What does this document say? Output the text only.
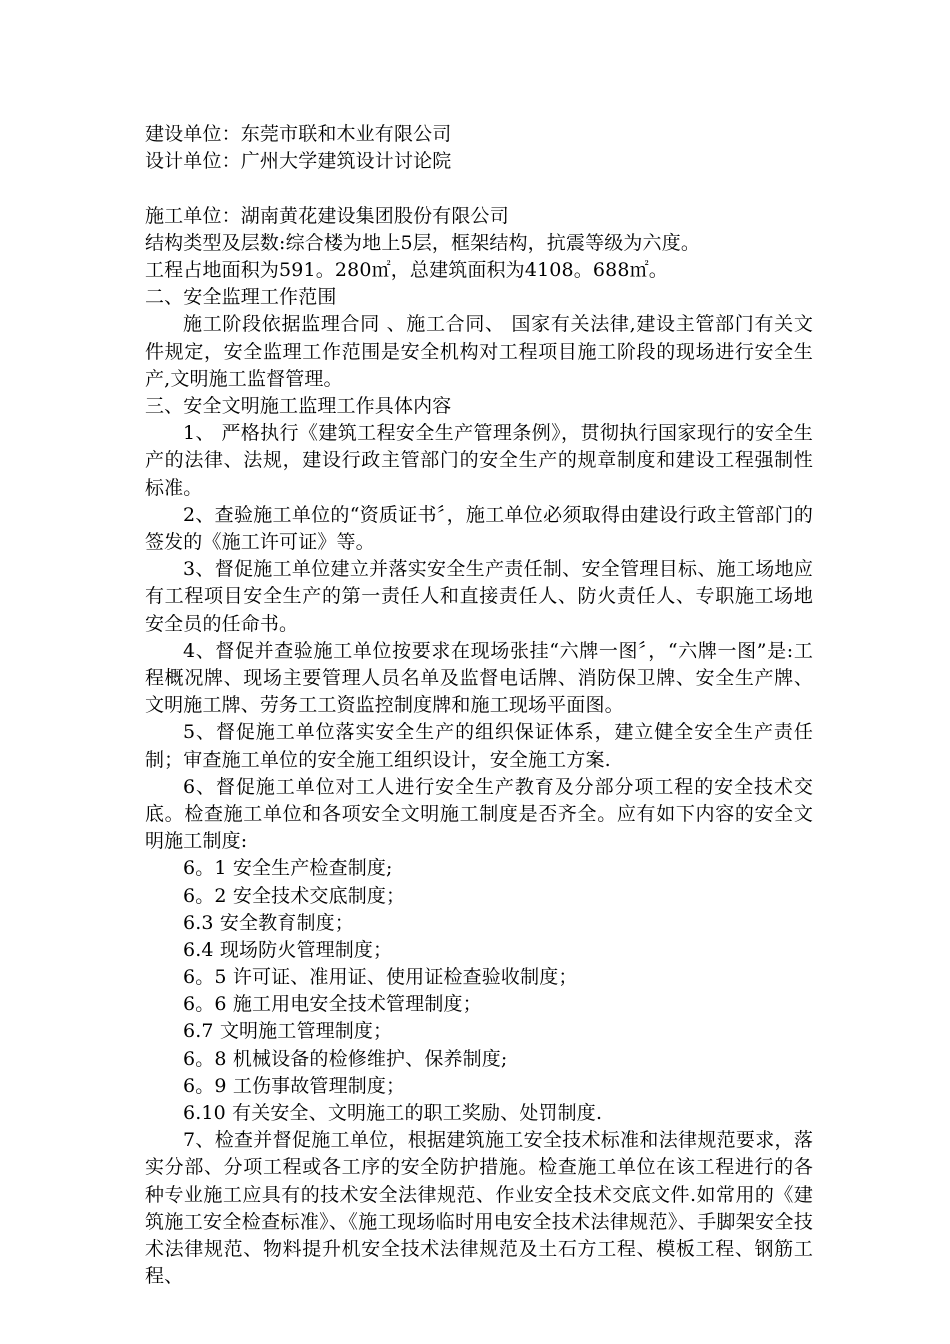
建设单位：东莞市联和木业有限公司
设计单位：广州大学建筑设计讨论院
施工单位：湖南黄花建设集团股份有限公司
结构类型及层数:综合楼为地上5层，框架结构，抗震等级为六度。
工程占地面积为591。280㎡，总建筑面积为4108。688㎡。
二、安全监理工作范围
施工阶段依据监理合同 、施工合同、 国家有关法律,建设主管部门有关文件规定，安全监理工作范围是安全机构对工程项目施工阶段的现场进行安全生产,文明施工监督管理。
三、安全文明施工监理工作具体内容
1、 严格执行《建筑工程安全生产管理条例》，贯彻执行国家现行的安全生产的法律、法规，建设行政主管部门的安全生产的规章制度和建设工程强制性标准。
2、查验施工单位的“资质证书〞，施工单位必须取得由建设行政主管部门的签发的《施工许可证》等。
3、督促施工单位建立并落实安全生产责任制、安全管理目标、施工场地应有工程项目安全生产的第一责任人和直接责任人、防火责任人、专职施工场地安全员的任命书。
4、督促并查验施工单位按要求在现场张挂“六牌一图〞，“六牌一图”是:工程概况牌、现场主要管理人员名单及监督电话牌、消防保卫牌、安全生产牌、文明施工牌、劳务工工资监控制度牌和施工现场平面图。
5、督促施工单位落实安全生产的组织保证体系，建立健全安全生产责任制；审查施工单位的安全施工组织设计，安全施工方案.
6、督促施工单位对工人进行安全生产教育及分部分项工程的安全技术交底。检查施工单位和各项安全文明施工制度是否齐全。应有如下内容的安全文明施工制度:
6。1 安全生产检查制度;
6。2 安全技术交底制度；
6.3 安全教育制度；
6.4 现场防火管理制度；
6。5 许可证、准用证、使用证检查验收制度；
6。6 施工用电安全技术管理制度；
6.7 文明施工管理制度；
6。8 机械设备的检修维护、保养制度;
6。9 工伤事故管理制度；
6.10 有关安全、文明施工的职工奖励、处罚制度.
7、检查并督促施工单位，根据建筑施工安全技术标准和法律规范要求，落实分部、分项工程或各工序的安全防护措施。检查施工单位在该工程进行的各种专业施工应具有的技术安全法律规范、作业安全技术交底文件.如常用的《建筑施工安全检查标准》、《施工现场临时用电安全技术法律规范》、手脚架安全技术法律规范、物料提升机安全技术法律规范及土石方工程、模板工程、钢筋工程、
